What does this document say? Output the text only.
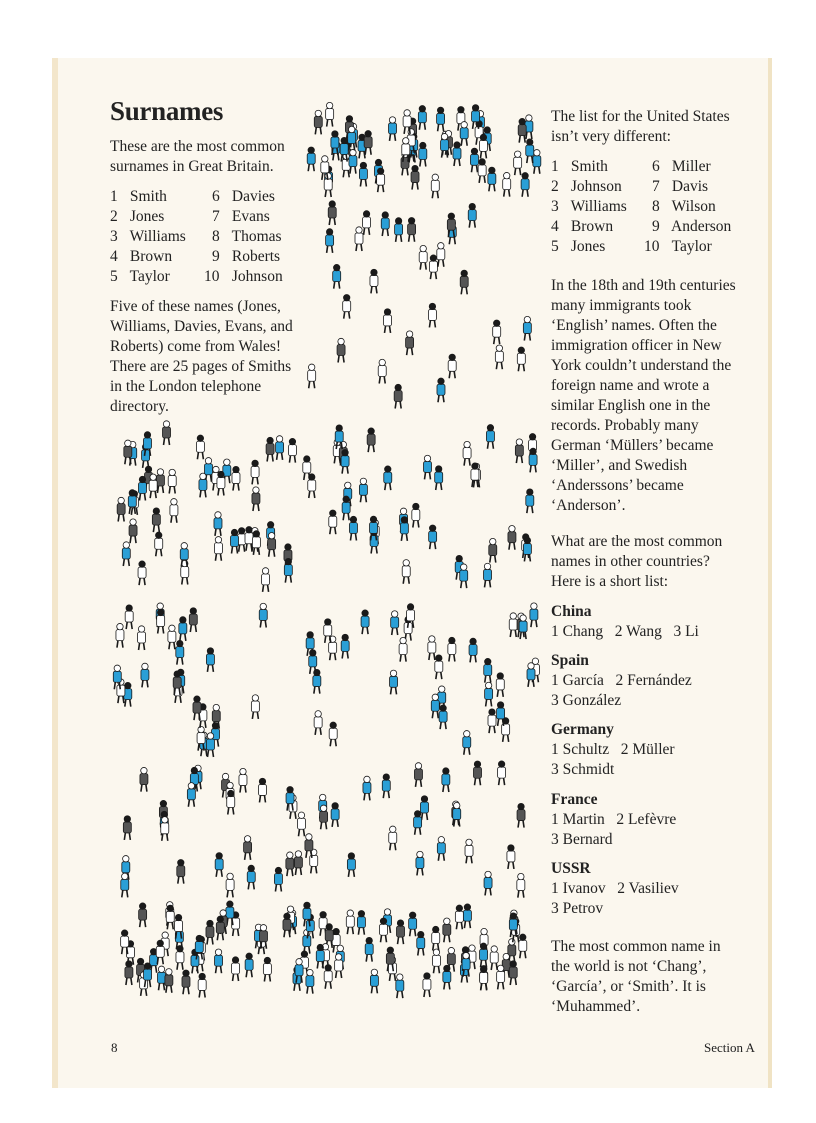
Surnames
These are the most common
surnames in Great Britain.
1 Smith
2 Jones
3 Williams
4 Brown
5 Taylor
6 Davies
7 Evans
8 Thomas
9 Roberts
10 Johnson
Five of these names (Jones,
Williams, Davies, Evans, and
Roberts) come from Wales!
There are 25 pages of Smiths
in the London telephone
directory.
The list for the United States
isn’t very different:
1 Smith
2 Johnson
3 Williams
4 Brown
5 Jones
6 Miller
7 Davis
8 Wilson
9 Anderson
10 Taylor
In the 18th and 19th centuries
many immigrants took
‘English’ names. Often the
immigration officer in New
York couldn’t understand the
foreign name and wrote a
similar English one in the
records. Probably many
German ‘Müllers’ became
‘Miller’, and Swedish
‘Anderssons’ became
‘Anderson’.
What are the most common
names in other countries?
Here is a short list:
China
1 Chang   2 Wang   3 Li
Spain
1 García   2 Fernández
3 González
Germany
1 Schultz   2 Müller
3 Schmidt
France
1 Martin   2 Lefèvre
3 Bernard
USSR
1 Ivanov   2 Vasiliev
3 Petrov
The most common name in
the world is not ‘Chang’,
‘García’, or ‘Smith’. It is
‘Muhammed’.
8	Section A
